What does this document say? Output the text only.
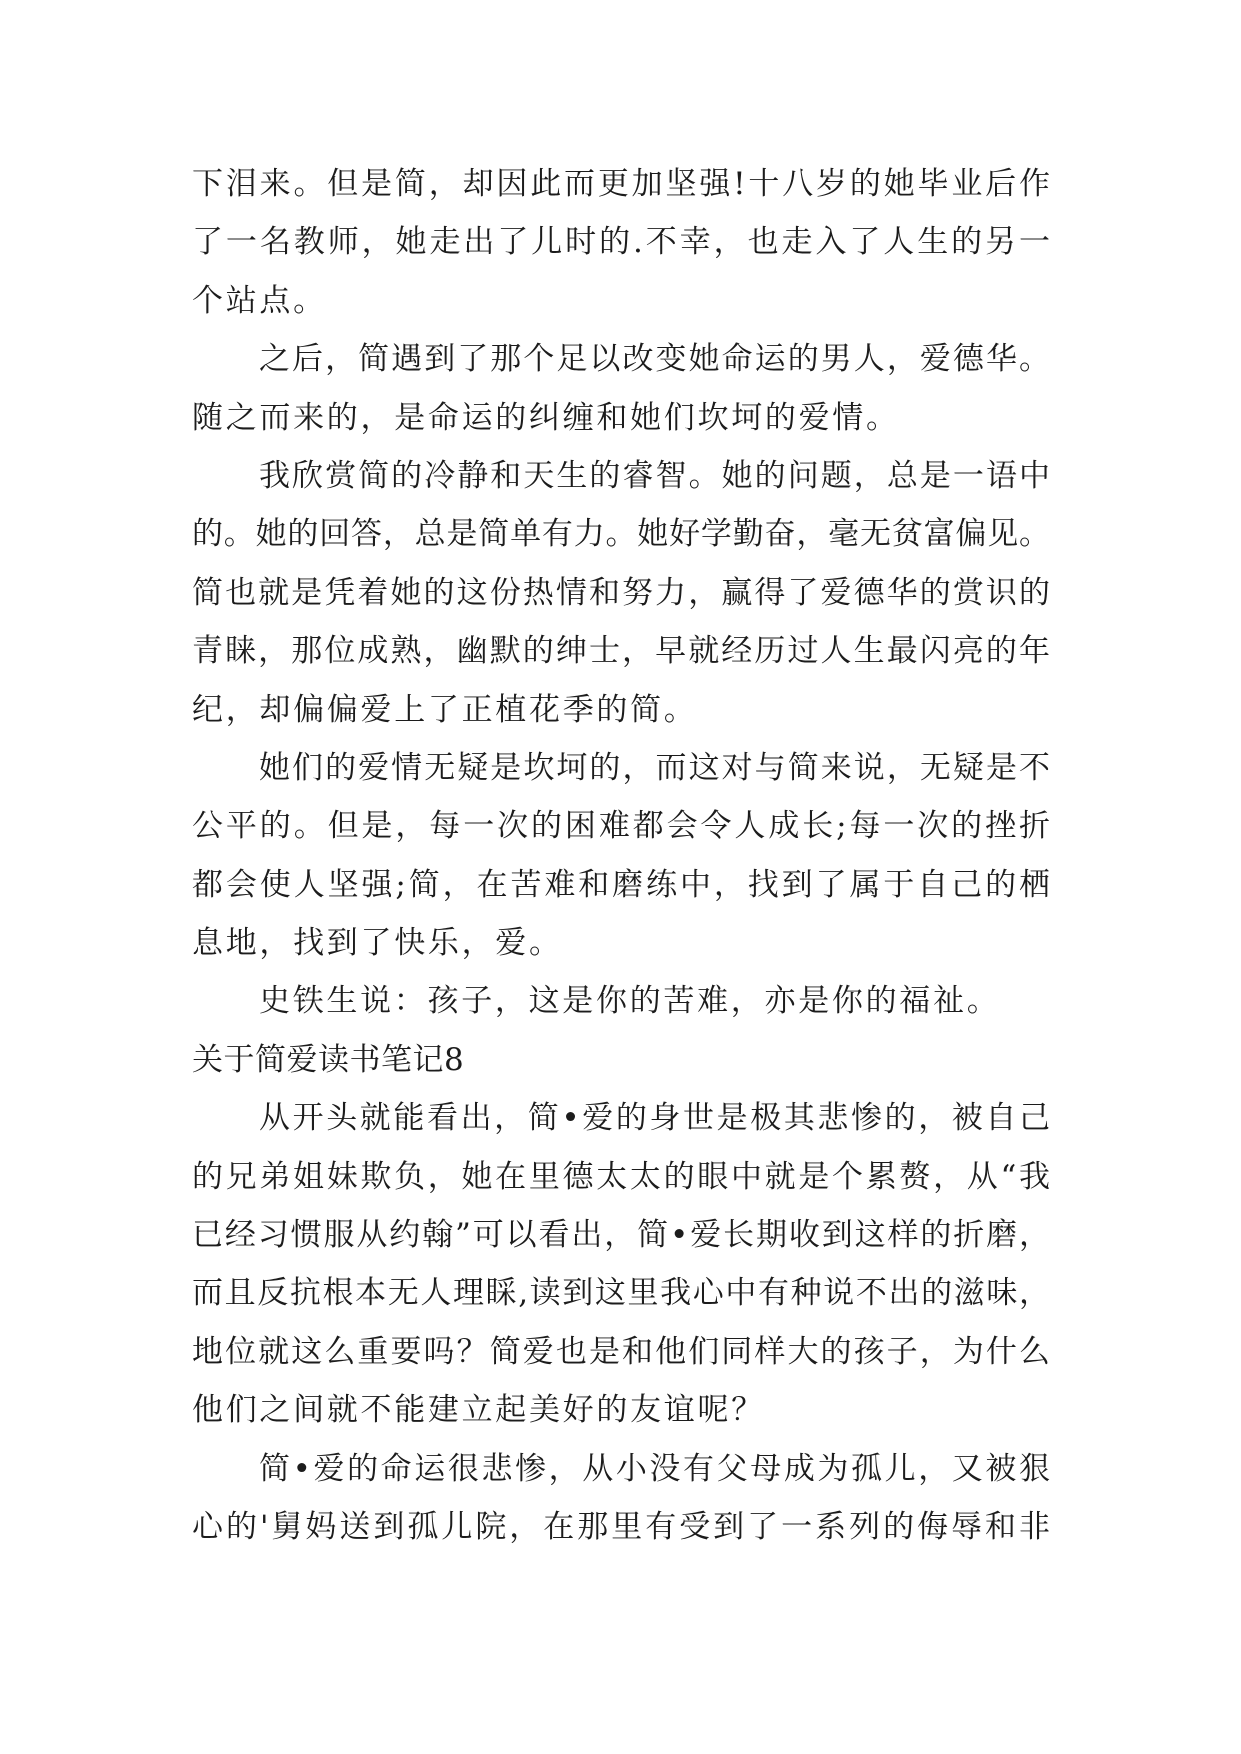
下泪来。但是简，却因此而更加坚强!十八岁的她毕业后作
了一名教师，她走出了儿时的.不幸，也走入了人生的另一
个站点。
之后，简遇到了那个足以改变她命运的男人，爱德华。
随之而来的，是命运的纠缠和她们坎坷的爱情。
我欣赏简的冷静和天生的睿智。她的问题，总是一语中
的。她的回答，总是简单有力。她好学勤奋，毫无贫富偏见。
简也就是凭着她的这份热情和努力，赢得了爱德华的赏识的
青睐，那位成熟，幽默的绅士，早就经历过人生最闪亮的年
纪，却偏偏爱上了正植花季的简。
她们的爱情无疑是坎坷的，而这对与简来说，无疑是不
公平的。但是，每一次的困难都会令人成长;每一次的挫折
都会使人坚强;简，在苦难和磨练中，找到了属于自己的栖
息地，找到了快乐，爱。
史铁生说：孩子，这是你的苦难，亦是你的福祉。
关于简爱读书笔记8
从开头就能看出，简•爱的身世是极其悲惨的，被自己
的兄弟姐妹欺负，她在里德太太的眼中就是个累赘，从“我
已经习惯服从约翰”可以看出，简•爱长期收到这样的折磨，
而且反抗根本无人理睬,读到这里我心中有种说不出的滋味，
地位就这么重要吗？简爱也是和他们同样大的孩子，为什么
他们之间就不能建立起美好的友谊呢？
简•爱的命运很悲惨，从小没有父母成为孤儿，又被狠
心的'舅妈送到孤儿院，在那里有受到了一系列的侮辱和非
